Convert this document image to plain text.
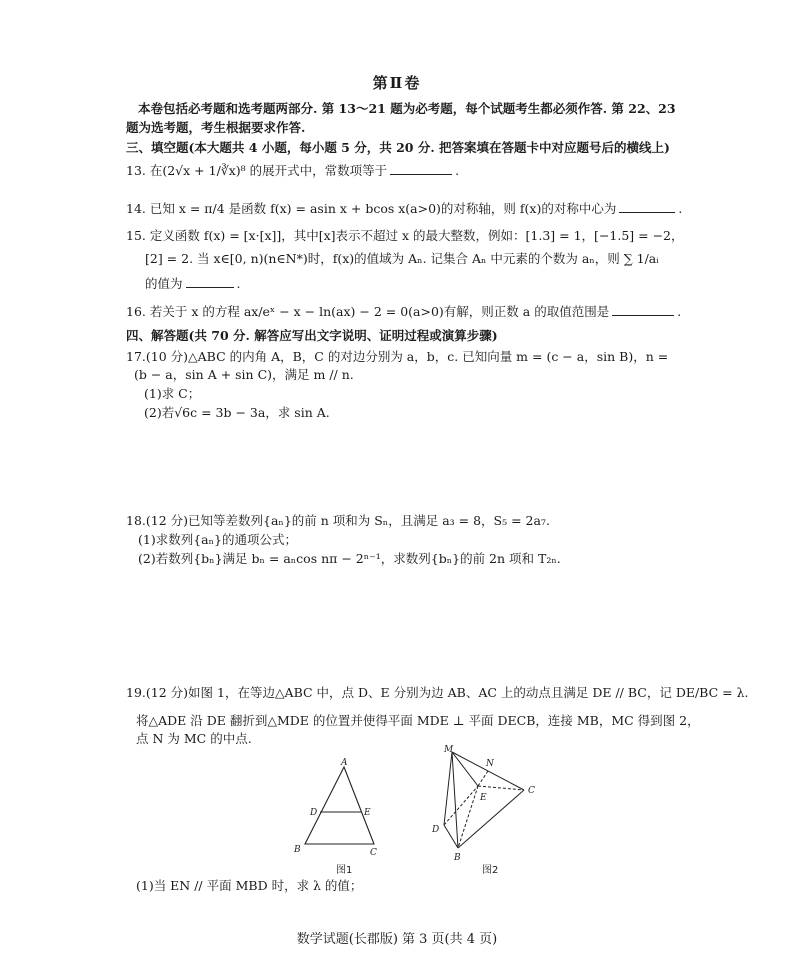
第Ⅱ卷
本卷包括必考题和选考题两部分. 第 13～21 题为必考题，每个试题考生都必须作答. 第 22、23
题为选考题，考生根据要求作答.
三、填空题(本大题共 4 小题，每小题 5 分，共 20 分. 把答案填在答题卡中对应题号后的横线上)
13. 在(2√x + 1/∛x)⁸ 的展开式中，常数项等于	.
14. 已知 x = π/4 是函数 f(x) = asin x + bcos x(a>0)的对称轴，则 f(x)的对称中心为	.
15. 定义函数 f(x) = [x·[x]]，其中[x]表示不超过 x 的最大整数，例如：[1.3] = 1，[−1.5] = −2，
[2] = 2. 当 x∈[0, n)(n∈N*)时，f(x)的值域为 Aₙ. 记集合 Aₙ 中元素的个数为 aₙ，则 ∑ 1/aᵢ
的值为	.
16. 若关于 x 的方程 ax/eˣ − x − ln(ax) − 2 = 0(a>0)有解，则正数 a 的取值范围是	.
四、解答题(共 70 分. 解答应写出文字说明、证明过程或演算步骤)
17.(10 分)△ABC 的内角 A，B，C 的对边分别为 a，b，c. 已知向量 m = (c − a，sin B)，n =
(b − a，sin A + sin C)，满足 m // n.
(1)求 C；
(2)若√6c = 3b − 3a，求 sin A.
18.(12 分)已知等差数列{aₙ}的前 n 项和为 Sₙ，且满足 a₃ = 8，S₅ = 2a₇.
(1)求数列{aₙ}的通项公式；
(2)若数列{bₙ}满足 bₙ = aₙcos nπ − 2ⁿ⁻¹，求数列{bₙ}的前 2n 项和 T₂ₙ.
19.(12 分)如图 1，在等边△ABC 中，点 D、E 分别为边 AB、AC 上的动点且满足 DE // BC，记 DE/BC = λ.
将△ADE 沿 DE 翻折到△MDE 的位置并使得平面 MDE ⊥ 平面 DECB，连接 MB，MC 得到图 2，
点 N 为 MC 的中点.
A
D	E
B	C
图1
M
N
E
C
D
B
图2
(1)当 EN // 平面 MBD 时，求 λ 的值；
数学试题(长郡版) 第 3 页(共 4 页)
